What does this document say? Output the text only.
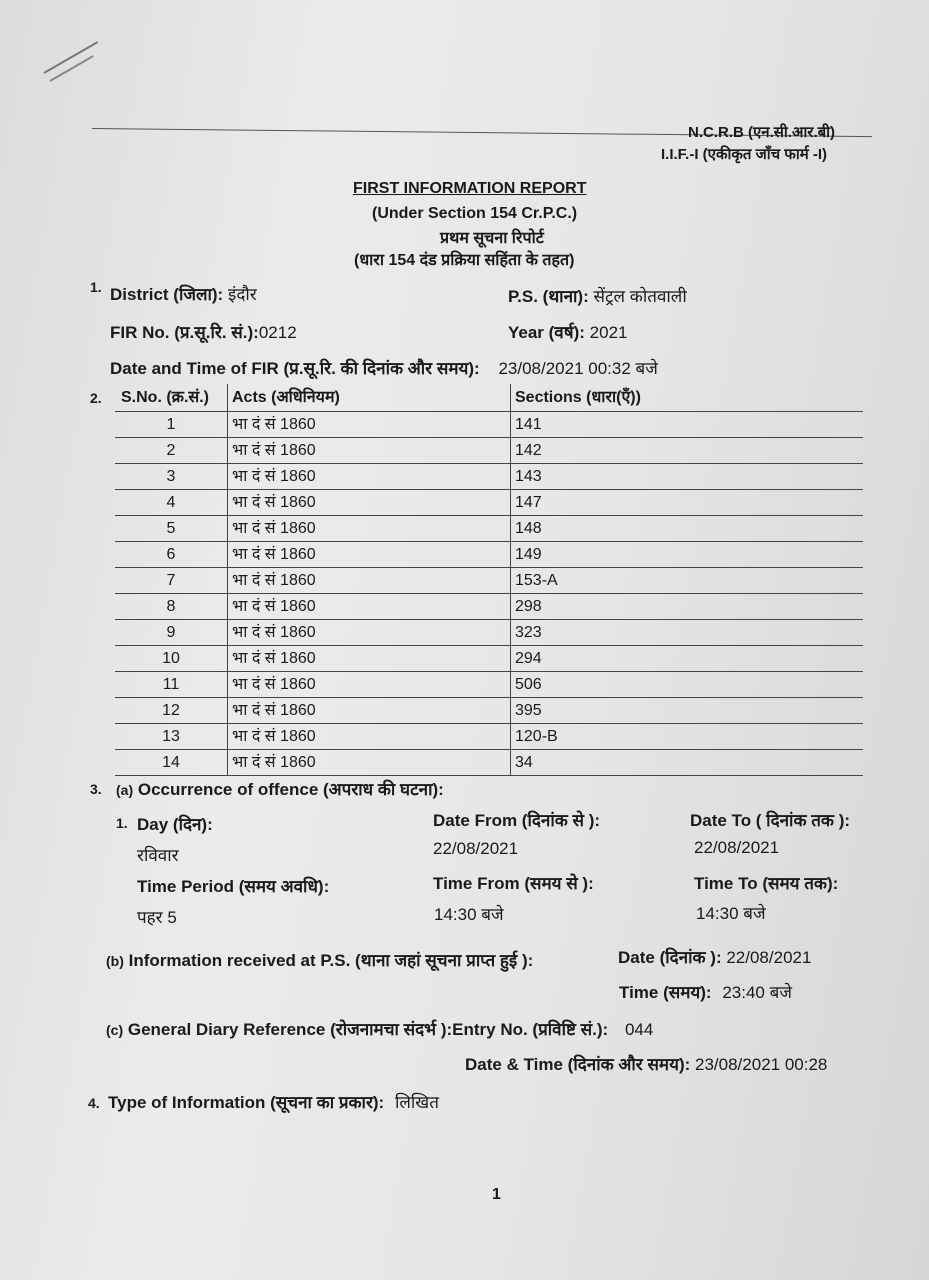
N.C.R.B (एन.सी.आर.बी)
I.I.F.-I (एकीकृत जाँच फार्म -I)
FIRST INFORMATION REPORT
(Under Section 154 Cr.P.C.)
प्रथम सूचना रिपोर्ट
(धारा 154 दंड प्रक्रिया सहिंता के तहत)
1. District (जिला): इंदौर	P.S. (थाना): सेंट्रल कोतवाली
FIR No. (प्र.सू.रि. सं.):0212	Year (वर्ष): 2021
Date and Time of FIR (प्र.सू.रि. की दिनांक और समय): 23/08/2021 00:32 बजे
2. S.No. (क्र.सं.)	Acts (अधिनियम)	Sections (धारा(एँ))
1	भा दं सं 1860	141
2	भा दं सं 1860	142
3	भा दं सं 1860	143
4	भा दं सं 1860	147
5	भा दं सं 1860	148
6	भा दं सं 1860	149
7	भा दं सं 1860	153-A
8	भा दं सं 1860	298
9	भा दं सं 1860	323
10	भा दं सं 1860	294
11	भा दं सं 1860	506
12	भा दं सं 1860	395
13	भा दं सं 1860	120-B
14	भा दं सं 1860	34
3. (a) Occurrence of offence (अपराध की घटना):
1. Day (दिन):
रविवार
Date From (दिनांक से ):
22/08/2021
Date To ( दिनांक तक ):
22/08/2021
Time Period (समय अवधि):
पहर 5
Time From (समय से ):
14:30 बजे
Time To (समय तक):
14:30 बजे
(b) Information received at P.S. (थाना जहां सूचना प्राप्त हुई ):	Date (दिनांक ): 22/08/2021
Time (समय): 23:40 बजे
(c) General Diary Reference (रोजनामचा संदर्भ ):Entry No. (प्रविष्टि सं.): 044
Date & Time (दिनांक और समय): 23/08/2021 00:28
4. Type of Information (सूचना का प्रकार): लिखित
1
